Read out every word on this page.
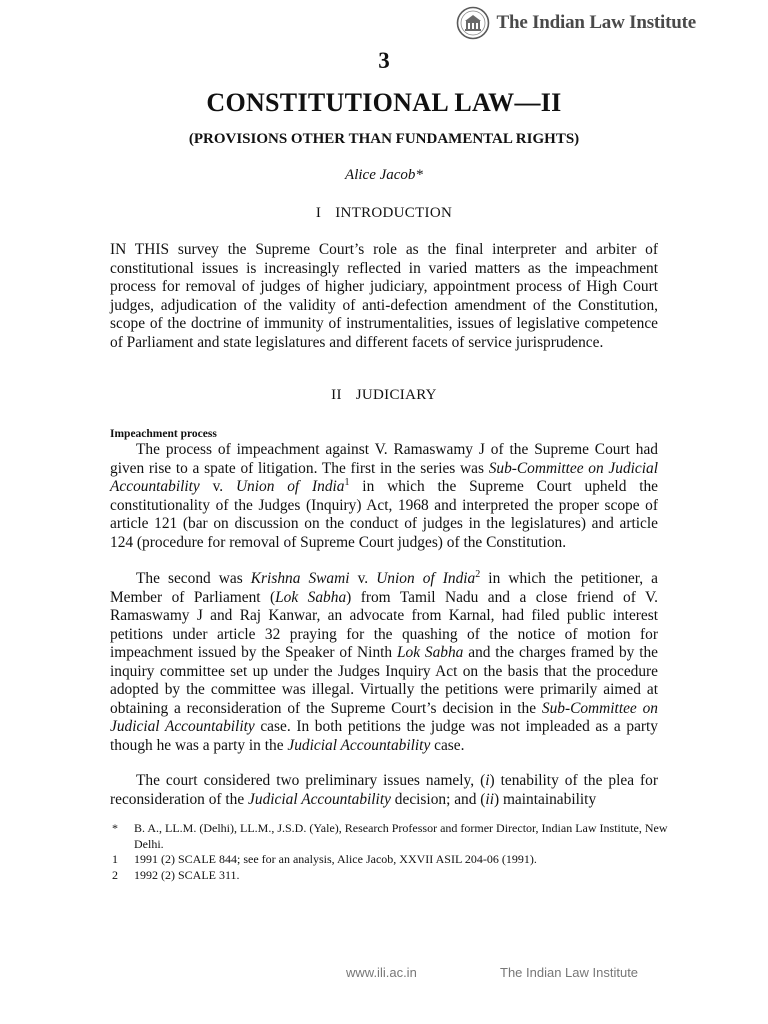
The Indian Law Institute
3
CONSTITUTIONAL LAW—II
(PROVISIONS OTHER THAN FUNDAMENTAL RIGHTS)
Alice Jacob*
I INTRODUCTION

IN THIS survey the Supreme Court’s role as the final interpreter and arbiter of constitutional issues is increasingly reflected in varied matters as the impeachment process for removal of judges of higher judiciary, appointment process of High Court judges, adjudication of the validity of anti-defection amendment of the Constitution, scope of the doctrine of immunity of instrumentalities, issues of legislative competence of Parliament and state legislatures and different facets of service jurisprudence.

II JUDICIARY
Impeachment process

The process of impeachment against V. Ramaswamy J of the Supreme Court had given rise to a spate of litigation. The first in the series was Sub-Committee on Judicial Accountability v. Union of India$^1$ in which the Supreme Court upheld the constitutionality of the Judges (Inquiry) Act, 1968 and interpreted the proper scope of article 121 (bar on discussion on the conduct of judges in the legislatures) and article 124 (procedure for removal of Supreme Court judges) of the Constitution.

The second was Krishna Swami v. Union of India$^2$ in which the petitioner, a Member of Parliament (Lok Sabha) from Tamil Nadu and a close friend of V. Ramaswamy J and Raj Kanwar, an advocate from Karnal, had filed public interest petitions under article 32 praying for the quashing of the notice of motion for impeachment issued by the Speaker of Ninth Lok Sabha and the charges framed by the inquiry committee set up under the Judges Inquiry Act on the basis that the procedure adopted by the committee was illegal. Virtually the petitions were primarily aimed at obtaining a reconsideration of the Supreme Court’s decision in the Sub-Committee on Judicial Accountability case. In both petitions the judge was not impleaded as a party though he was a party in the Judicial Accountability case.

The court considered two preliminary issues namely, (i) tenability of the plea for reconsideration of the Judicial Accountability decision; and (ii) maintainability

*	B. A., LL.M. (Delhi), LL.M., J.S.D. (Yale), Research Professor and former Director, Indian Law Institute, New Delhi.
1	1991 (2) SCALE 844; see for an analysis, Alice Jacob, XXVII ASIL 204-06 (1991).
2	1992 (2) SCALE 311.
www.ili.ac.in	The Indian Law Institute
